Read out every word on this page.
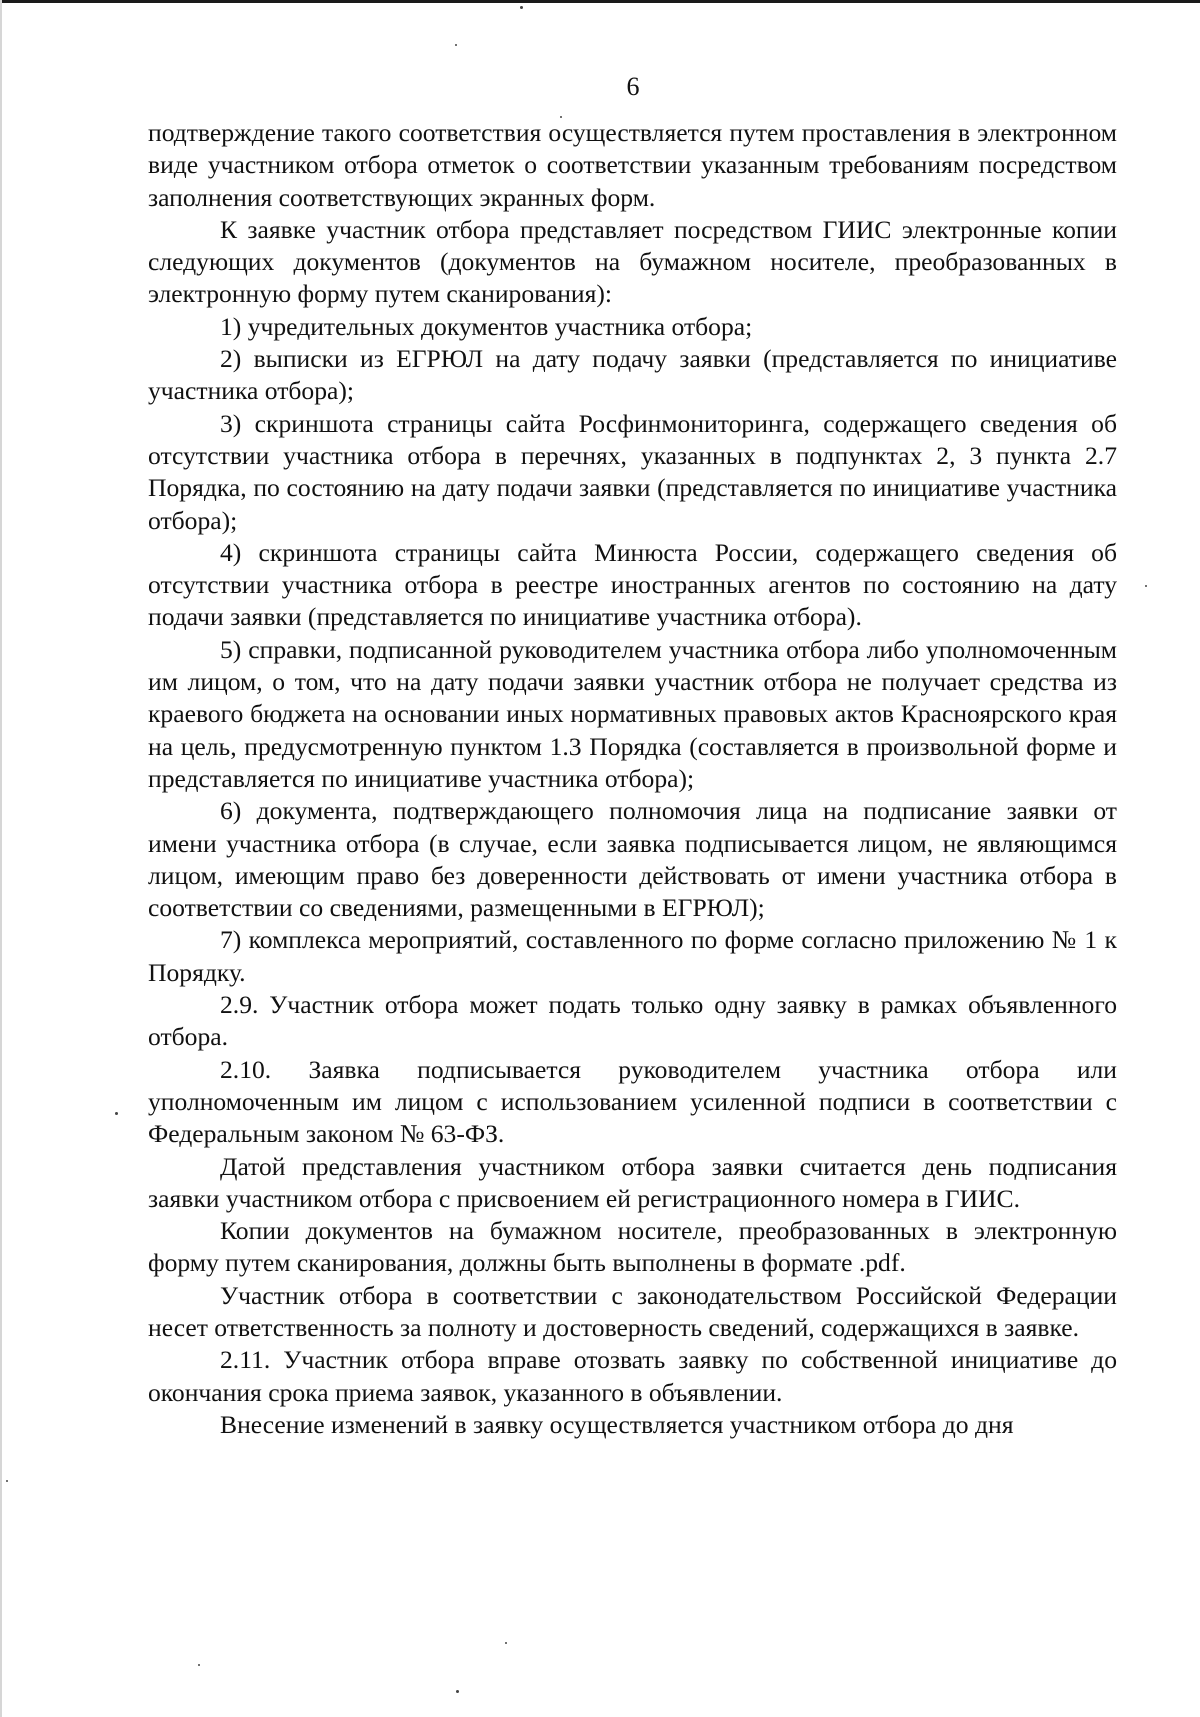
6

подтверждение такого соответствия осуществляется путем проставления в электронном виде участником отбора отметок о соответствии указанным требованиям посредством заполнения соответствующих экранных форм.

К заявке участник отбора представляет посредством ГИИС электронные копии следующих документов (документов на бумажном носителе, преобразованных в электронную форму путем сканирования):

1) учредительных документов участника отбора;

2) выписки из ЕГРЮЛ на дату подачу заявки (представляется по инициативе участника отбора);

3) скриншота страницы сайта Росфинмониторинга, содержащего сведения об отсутствии участника отбора в перечнях, указанных в подпунктах 2, 3 пункта 2.7 Порядка, по состоянию на дату подачи заявки (представляется по инициативе участника отбора);

4) скриншота страницы сайта Минюста России, содержащего сведения об отсутствии участника отбора в реестре иностранных агентов по состоянию на дату подачи заявки (представляется по инициативе участника отбора).

5) справки, подписанной руководителем участника отбора либо уполномоченным им лицом, о том, что на дату подачи заявки участник отбора не получает средства из краевого бюджета на основании иных нормативных правовых актов Красноярского края на цель, предусмотренную пунктом 1.3 Порядка (составляется в произвольной форме и представляется по инициативе участника отбора);

6) документа, подтверждающего полномочия лица на подписание заявки от имени участника отбора (в случае, если заявка подписывается лицом, не являющимся лицом, имеющим право без доверенности действовать от имени участника отбора в соответствии со сведениями, размещенными в ЕГРЮЛ);

7) комплекса мероприятий, составленного по форме согласно приложению № 1 к Порядку.

2.9. Участник отбора может подать только одну заявку в рамках объявленного отбора.

2.10. Заявка подписывается руководителем участника отбора или уполномоченным им лицом с использованием усиленной подписи в соответствии с Федеральным законом № 63-ФЗ.

Датой представления участником отбора заявки считается день подписания заявки участником отбора с присвоением ей регистрационного номера в ГИИС.

Копии документов на бумажном носителе, преобразованных в электронную форму путем сканирования, должны быть выполнены в формате .pdf.

Участник отбора в соответствии с законодательством Российской Федерации несет ответственность за полноту и достоверность сведений, содержащихся в заявке.

2.11. Участник отбора вправе отозвать заявку по собственной инициативе до окончания срока приема заявок, указанного в объявлении.

Внесение изменений в заявку осуществляется участником отбора до дня
